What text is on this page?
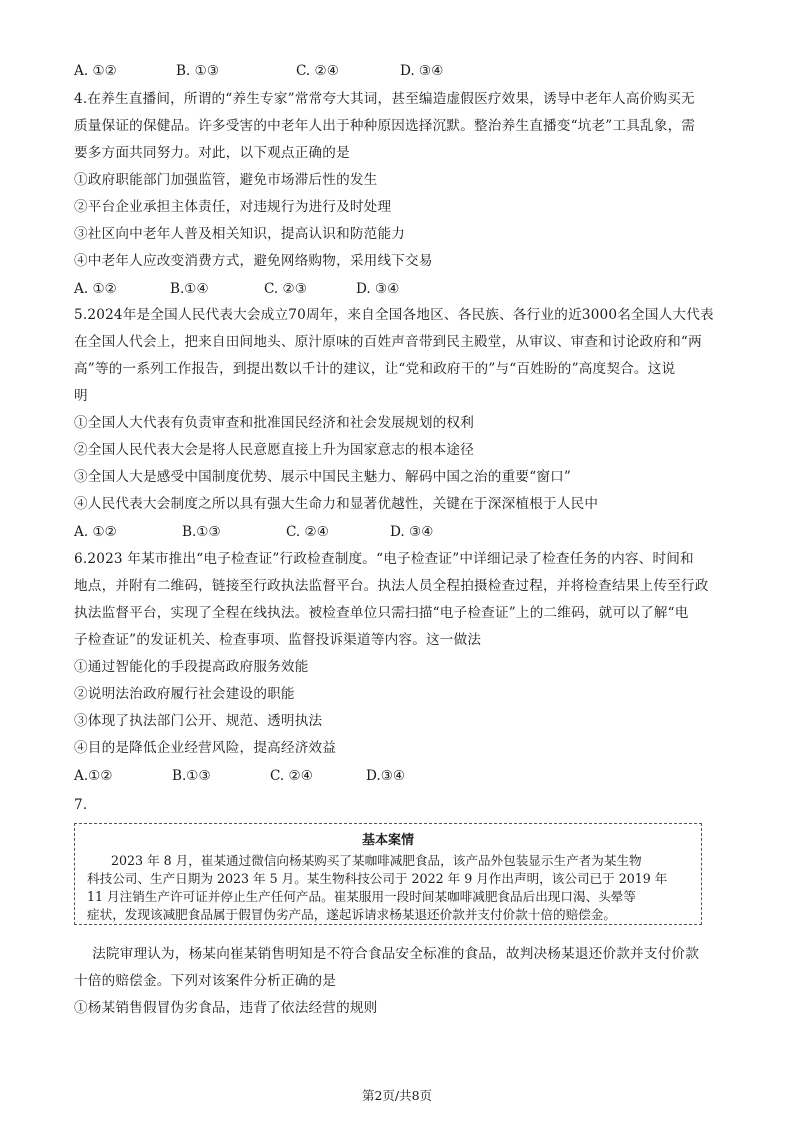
A. ①②	B. ①③	C. ②④	D. ③④
4.在养生直播间，所谓的“养生专家”常常夸大其词，甚至编造虚假医疗效果，诱导中老年人高价购买无
质量保证的保健品。许多受害的中老年人出于种种原因选择沉默。整治养生直播变“坑老”工具乱象，需
要多方面共同努力。对此，以下观点正确的是
①政府职能部门加强监管，避免市场滞后性的发生
②平台企业承担主体责任，对违规行为进行及时处理
③社区向中老年人普及相关知识，提高认识和防范能力
④中老年人应改变消费方式，避免网络购物，采用线下交易
A. ①②	B.①④	C. ②③	D. ③④
5.2024年是全国人民代表大会成立70周年，来自全国各地区、各民族、各行业的近3000名全国人大代表
在全国人代会上，把来自田间地头、原汁原味的百姓声音带到民主殿堂，从审议、审查和讨论政府和“两
高”等的一系列工作报告，到提出数以千计的建议，让“党和政府干的”与“百姓盼的”高度契合。这说
明
①全国人大代表有负责审查和批准国民经济和社会发展规划的权利
②全国人民代表大会是将人民意愿直接上升为国家意志的根本途径
③全国人大是感受中国制度优势、展示中国民主魅力、解码中国之治的重要“窗口”
④人民代表大会制度之所以具有强大生命力和显著优越性，关键在于深深植根于人民中
A. ①②	B.①③	C. ②④	D. ③④
6.2023 年某市推出“电子检查证”行政检查制度。“电子检查证”中详细记录了检查任务的内容、时间和
地点，并附有二维码，链接至行政执法监督平台。执法人员全程拍摄检查过程，并将检查结果上传至行政
执法监督平台，实现了全程在线执法。被检查单位只需扫描“电子检查证”上的二维码，就可以了解“电
子检查证”的发证机关、检查事项、监督投诉渠道等内容。这一做法
①通过智能化的手段提高政府服务效能
②说明法治政府履行社会建设的职能
③体现了执法部门公开、规范、透明执法
④目的是降低企业经营风险，提高经济效益
A.①②	B.①③	C. ②④	D.③④
7.
基本案情
2023 年 8 月，崔某通过微信向杨某购买了某咖啡减肥食品，该产品外包装显示生产者为某生物
科技公司、生产日期为 2023 年 5 月。某生物科技公司于 2022 年 9 月作出声明，该公司已于 2019 年
11 月注销生产许可证并停止生产任何产品。崔某服用一段时间某咖啡减肥食品后出现口渴、头晕等
症状，发现该减肥食品属于假冒伪劣产品，遂起诉请求杨某退还价款并支付价款十倍的赔偿金。
法院审理认为，杨某向崔某销售明知是不符合食品安全标准的食品，故判决杨某退还价款并支付价款
十倍的赔偿金。下列对该案件分析正确的是
①杨某销售假冒伪劣食品，违背了依法经营的规则
第2页/共8页
